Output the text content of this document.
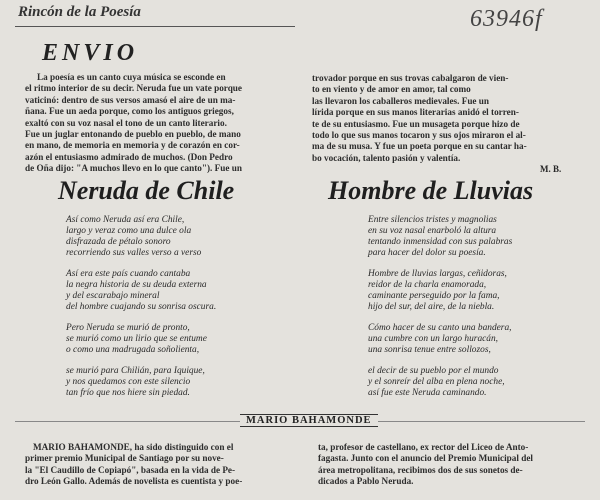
Rincón de la Poesía	63946f
ENVIO
La poesía es un canto cuya música se esconde en
el ritmo interior de su decir. Neruda fue un vate porque
vaticinó: dentro de sus versos amasó el aire de un ma-
ñana. Fue un aeda porque, como los antiguos griegos,
exaltó con su voz nasal el tono de un canto literario.
Fue un juglar entonando de pueblo en pueblo, de mano
en mano, de memoria en memoria y de corazón en cor-
azón el entusiasmo admirado de muchos. (Don Pedro
de Oña dijo: "A muchos llevo en lo que canto"). Fue un
trovador porque en sus trovas cabalgaron de vien-
to en viento y de amor en amor, tal como
las llevaron los caballeros medievales. Fue un
lírida porque en sus manos literarias anidó el torren-
te de su entusiasmo. Fue un musageta porque hizo de
todo lo que sus manos tocaron y sus ojos miraron el al-
ma de su musa. Y fue un poeta porque en su cantar ha-
bo vocación, talento pasión y valentía.
M. B.
Neruda de Chile	Hombre de Lluvias
Así como Neruda así era Chile,
largo y veraz como una dulce ola
disfrazada de pétalo sonoro
recorriendo sus valles verso a verso
Así era este país cuando cantaba
la negra historia de su deuda externa
y del escarabajo mineral
del hombre cuajando su sonrisa oscura.
Pero Neruda se murió de pronto,
se murió como un lirio que se entume
o como una madrugada soñolienta,
se murió para Chilián, para Iquique,
y nos quedamos con este silencio
tan frío que nos hiere sin piedad.
Entre silencios tristes y magnolias
en su voz nasal enarboló la altura
tentando inmensidad con sus palabras
para hacer del dolor su poesía.
Hombre de lluvias largas, ceñidoras,
reidor de la charla enamorada,
caminante perseguido por la fama,
hijo del sur, del aire, de la niebla.
Cómo hacer de su canto una bandera,
una cumbre con un largo huracán,
una sonrisa tenue entre sollozos,
el decir de su pueblo por el mundo
y el sonreír del alba en plena noche,
así fue este Neruda caminando.
MARIO BAHAMONDE
MARIO BAHAMONDE, ha sido distinguido con el
primer premio Municipal de Santiago por su nove-
la "El Caudillo de Copiapó", basada en la vida de Pe-
dro León Gallo. Además de novelista es cuentista y poe-
ta, profesor de castellano, ex rector del Liceo de Anto-
fagasta. Junto con el anuncio del Premio Municipal del
área metropolitana, recibimos dos de sus sonetos de-
dicados a Pablo Neruda.
